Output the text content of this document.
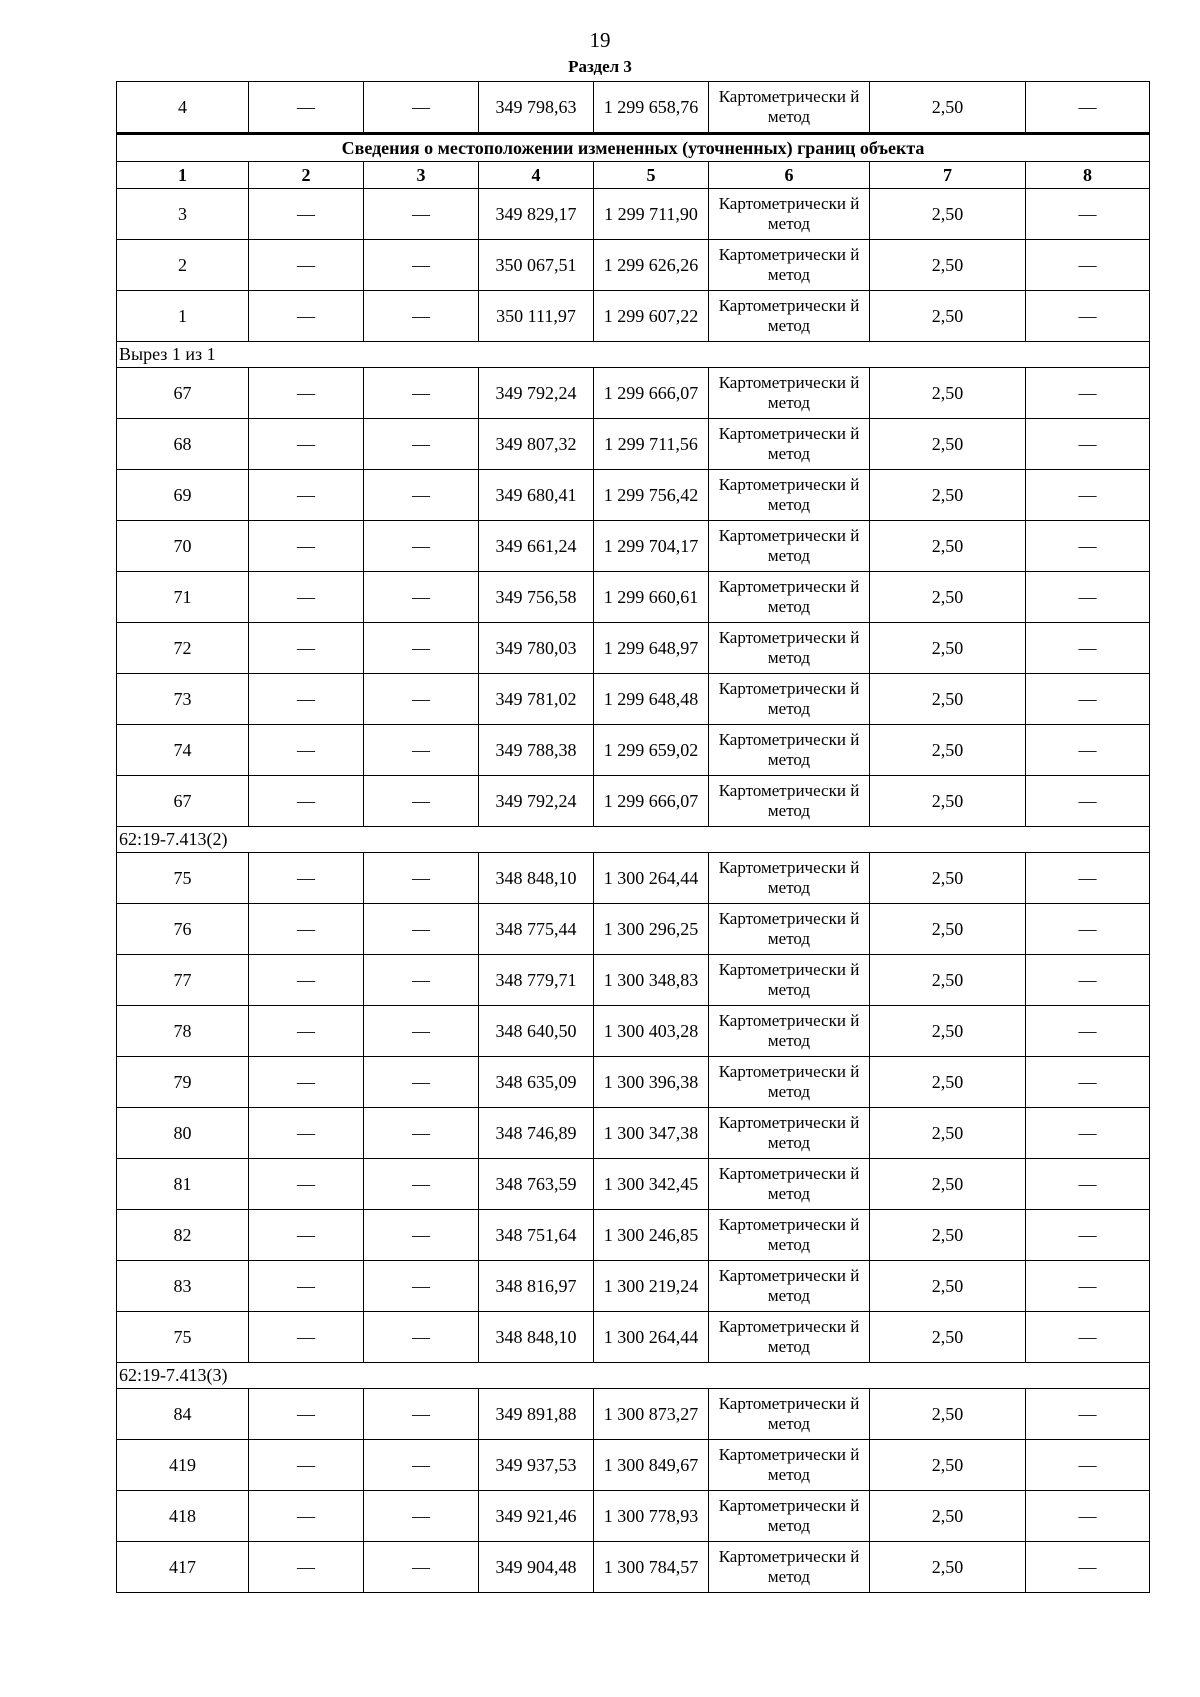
19
Раздел 3
4	—	—	349 798,63	1 299 658,76	Картометрически й метод	2,50	—
Сведения о местоположении измененных (уточненных) границ объекта							
1	2	3	4	5	6	7	8
3	—	—	349 829,17	1 299 711,90	Картометрически й метод	2,50	—
2	—	—	350 067,51	1 299 626,26	Картометрически й метод	2,50	—
1	—	—	350 111,97	1 299 607,22	Картометрически й метод	2,50	—
Вырез 1 из 1							
67	—	—	349 792,24	1 299 666,07	Картометрически й метод	2,50	—
68	—	—	349 807,32	1 299 711,56	Картометрически й метод	2,50	—
69	—	—	349 680,41	1 299 756,42	Картометрически й метод	2,50	—
70	—	—	349 661,24	1 299 704,17	Картометрически й метод	2,50	—
71	—	—	349 756,58	1 299 660,61	Картометрически й метод	2,50	—
72	—	—	349 780,03	1 299 648,97	Картометрически й метод	2,50	—
73	—	—	349 781,02	1 299 648,48	Картометрически й метод	2,50	—
74	—	—	349 788,38	1 299 659,02	Картометрически й метод	2,50	—
67	—	—	349 792,24	1 299 666,07	Картометрически й метод	2,50	—
62:19-7.413(2)							
75	—	—	348 848,10	1 300 264,44	Картометрически й метод	2,50	—
76	—	—	348 775,44	1 300 296,25	Картометрически й метод	2,50	—
77	—	—	348 779,71	1 300 348,83	Картометрически й метод	2,50	—
78	—	—	348 640,50	1 300 403,28	Картометрически й метод	2,50	—
79	—	—	348 635,09	1 300 396,38	Картометрически й метод	2,50	—
80	—	—	348 746,89	1 300 347,38	Картометрически й метод	2,50	—
81	—	—	348 763,59	1 300 342,45	Картометрически й метод	2,50	—
82	—	—	348 751,64	1 300 246,85	Картометрически й метод	2,50	—
83	—	—	348 816,97	1 300 219,24	Картометрически й метод	2,50	—
75	—	—	348 848,10	1 300 264,44	Картометрически й метод	2,50	—
62:19-7.413(3)							
84	—	—	349 891,88	1 300 873,27	Картометрически й метод	2,50	—
419	—	—	349 937,53	1 300 849,67	Картометрически й метод	2,50	—
418	—	—	349 921,46	1 300 778,93	Картометрически й метод	2,50	—
417	—	—	349 904,48	1 300 784,57	Картометрически й метод	2,50	—
